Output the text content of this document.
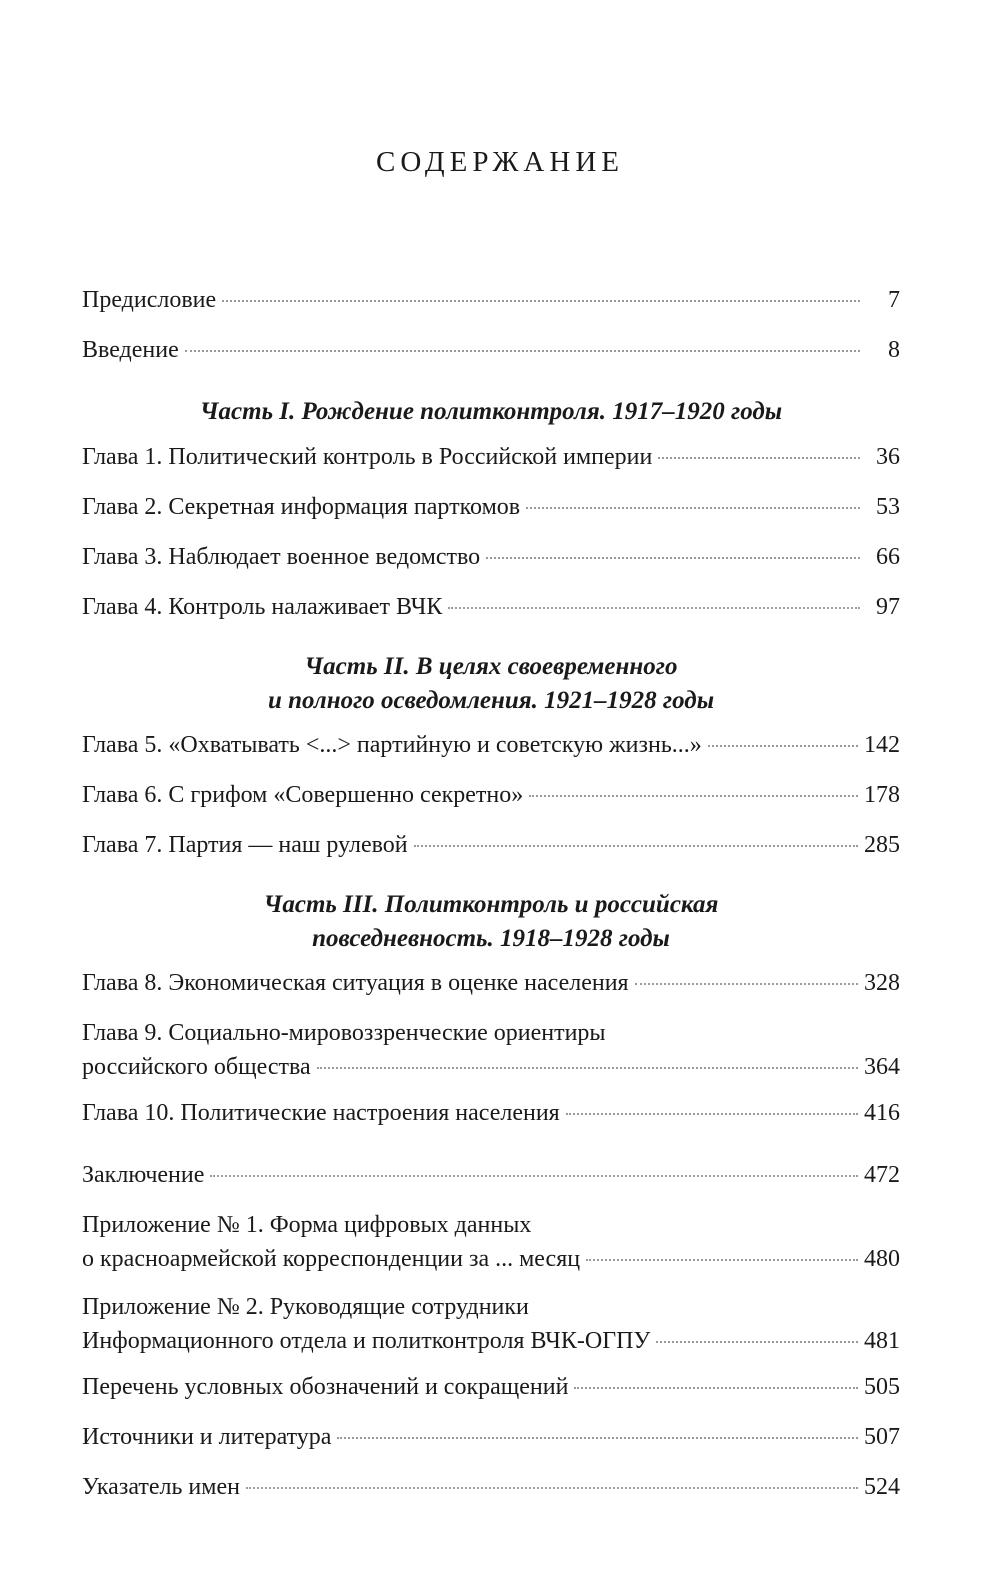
СОДЕРЖАНИЕ
Предисловие	7
Введение	8
Часть I. Рождение политконтроля. 1917–1920 годы
Глава 1. Политический контроль в Российской империи	36
Глава 2. Секретная информация парткомов	53
Глава 3. Наблюдает военное ведомство	66
Глава 4. Контроль налаживает ВЧК	97
Часть II. В целях своевременного
и полного осведомления. 1921–1928 годы
Глава 5. «Охватывать <...> партийную и советскую жизнь...»	142
Глава 6. С грифом «Совершенно секретно»	178
Глава 7. Партия — наш рулевой	285
Часть III. Политконтроль и российская
повседневность. 1918–1928 годы
Глава 8. Экономическая ситуация в оценке населения	328
Глава 9. Социально-мировоззренческие ориентиры
российского общества	364
Глава 10. Политические настроения населения	416
Заключение	472
Приложение № 1. Форма цифровых данных
о красноармейской корреспонденции за ... месяц	480
Приложение № 2. Руководящие сотрудники
Информационного отдела и политконтроля ВЧК-ОГПУ	481
Перечень условных обозначений и сокращений	505
Источники и литература	507
Указатель имен	524
